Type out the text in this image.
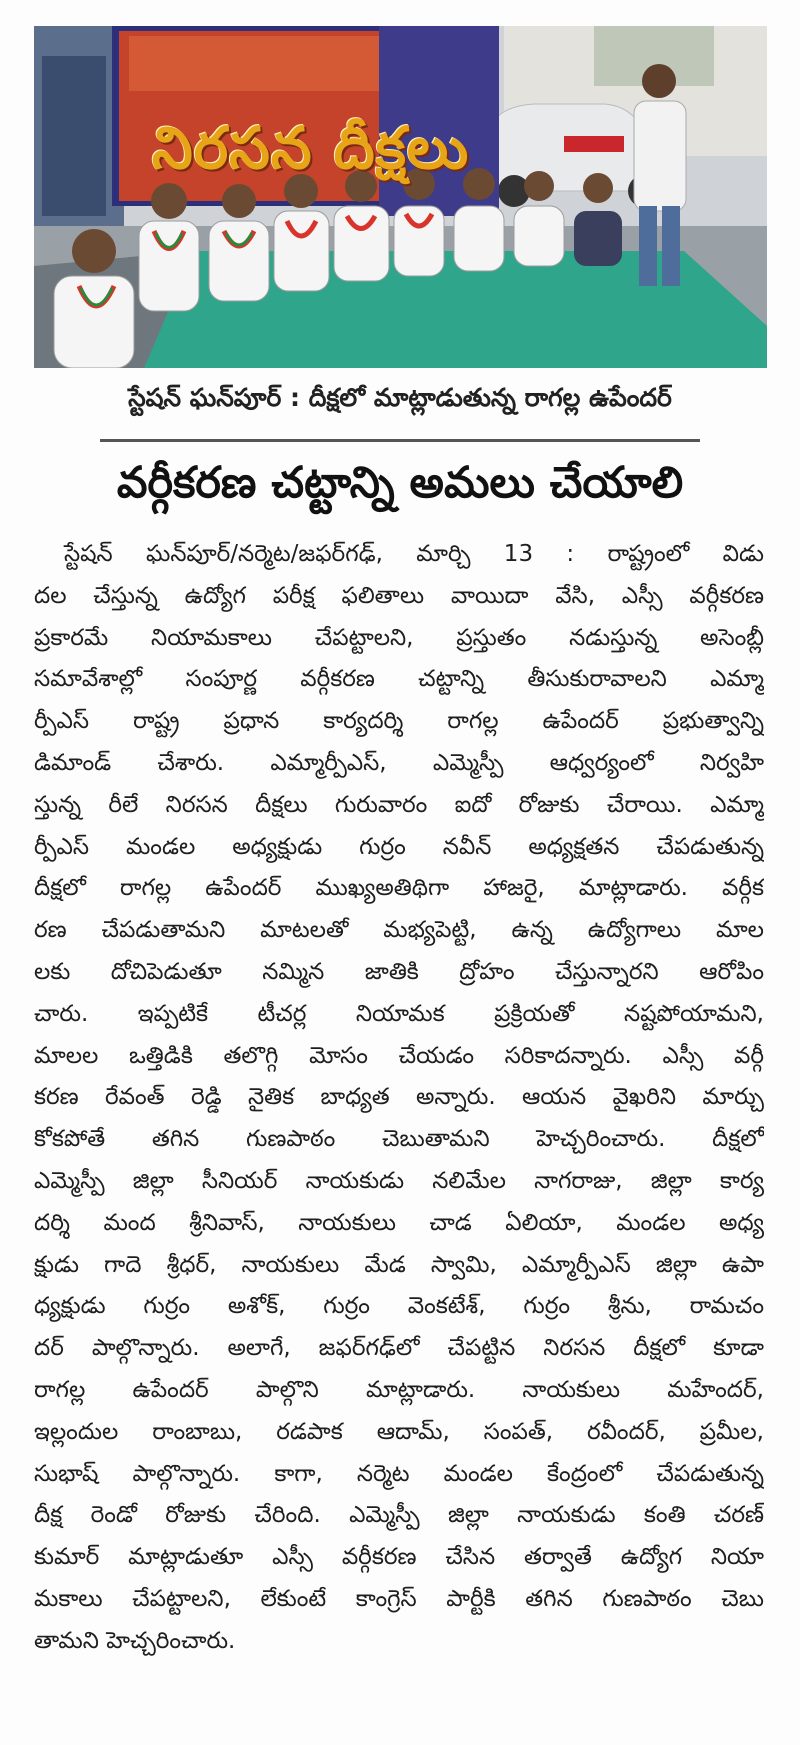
నిరసన దీక్షలు
స్టేషన్ ఘన్‌పూర్ : దీక్షలో మాట్లాడుతున్న రాగల్ల ఉపేందర్
వర్గీకరణ చట్టాన్ని అమలు చేయాలి
స్టేషన్ ఘన్‌పూర్/నర్మెట/జఫర్‌గఢ్, మార్చి 13 : రాష్ట్రంలో విడు
దల చేస్తున్న ఉద్యోగ పరీక్ష ఫలితాలు వాయిదా వేసి, ఎస్సీ వర్గీకరణ
ప్రకారమే నియామకాలు చేపట్టాలని, ప్రస్తుతం నడుస్తున్న అసెంబ్లీ
సమావేశాల్లో సంపూర్ణ వర్గీకరణ చట్టాన్ని తీసుకురావాలని ఎమ్మా
ర్పీఎస్ రాష్ట్ర ప్రధాన కార్యదర్శి రాగల్ల ఉపేందర్ ప్రభుత్వాన్ని
డిమాండ్ చేశారు. ఎమ్మార్పీఎస్, ఎమ్మెస్పీ ఆధ్వర్యంలో నిర్వహి
స్తున్న రీలే నిరసన దీక్షలు గురువారం ఐదో రోజుకు చేరాయి. ఎమ్మా
ర్పీఎస్ మండల అధ్యక్షుడు గుర్రం నవీన్ అధ్యక్షతన చేపడుతున్న
దీక్షలో రాగల్ల ఉపేందర్ ముఖ్యఅతిథిగా హాజరై, మాట్లాడారు. వర్గీక
రణ చేపడుతామని మాటలతో మభ్యపెట్టి, ఉన్న ఉద్యోగాలు మాల
లకు దోచిపెడుతూ నమ్మిన జాతికి ద్రోహం చేస్తున్నారని ఆరోపిం
చారు. ఇప్పటికే టీచర్ల నియామక ప్రక్రియతో నష్టపోయామని,
మాలల ఒత్తిడికి తలొగ్గి మోసం చేయడం సరికాదన్నారు. ఎస్సీ వర్గీ
కరణ రేవంత్ రెడ్డి నైతిక బాధ్యత అన్నారు. ఆయన వైఖరిని మార్చు
కోకపోతే తగిన గుణపాఠం చెబుతామని హెచ్చరించారు. దీక్షలో
ఎమ్మెస్పీ జిల్లా సీనియర్ నాయకుడు నలిమేల నాగరాజు, జిల్లా కార్య
దర్శి మంద శ్రీనివాస్, నాయకులు చాడ ఏలియా, మండల అధ్య
క్షుడు గాదె శ్రీధర్, నాయకులు మేడ స్వామి, ఎమ్మార్పీఎస్ జిల్లా ఉపా
ధ్యక్షుడు గుర్రం అశోక్, గుర్రం వెంకటేశ్, గుర్రం శ్రీను, రామచం
దర్ పాల్గొన్నారు. అలాగే, జఫర్‌గఢ్‌లో చేపట్టిన నిరసన దీక్షలో కూడా
రాగల్ల ఉపేందర్ పాల్గొని మాట్లాడారు. నాయకులు మహేందర్,
ఇల్లందుల రాంబాబు, రడపాక ఆదామ్, సంపత్, రవీందర్, ప్రమీల,
సుభాష్ పాల్గొన్నారు. కాగా, నర్మెట మండల కేంద్రంలో చేపడుతున్న
దీక్ష రెండో రోజుకు చేరింది. ఎమ్మెస్పీ జిల్లా నాయకుడు కంతి చరణ్
కుమార్ మాట్లాడుతూ ఎస్సీ వర్గీకరణ చేసిన తర్వాతే ఉద్యోగ నియా
మకాలు చేపట్టాలని, లేకుంటే కాంగ్రెస్ పార్టీకి తగిన గుణపాఠం చెబు
తామని హెచ్చరించారు.
